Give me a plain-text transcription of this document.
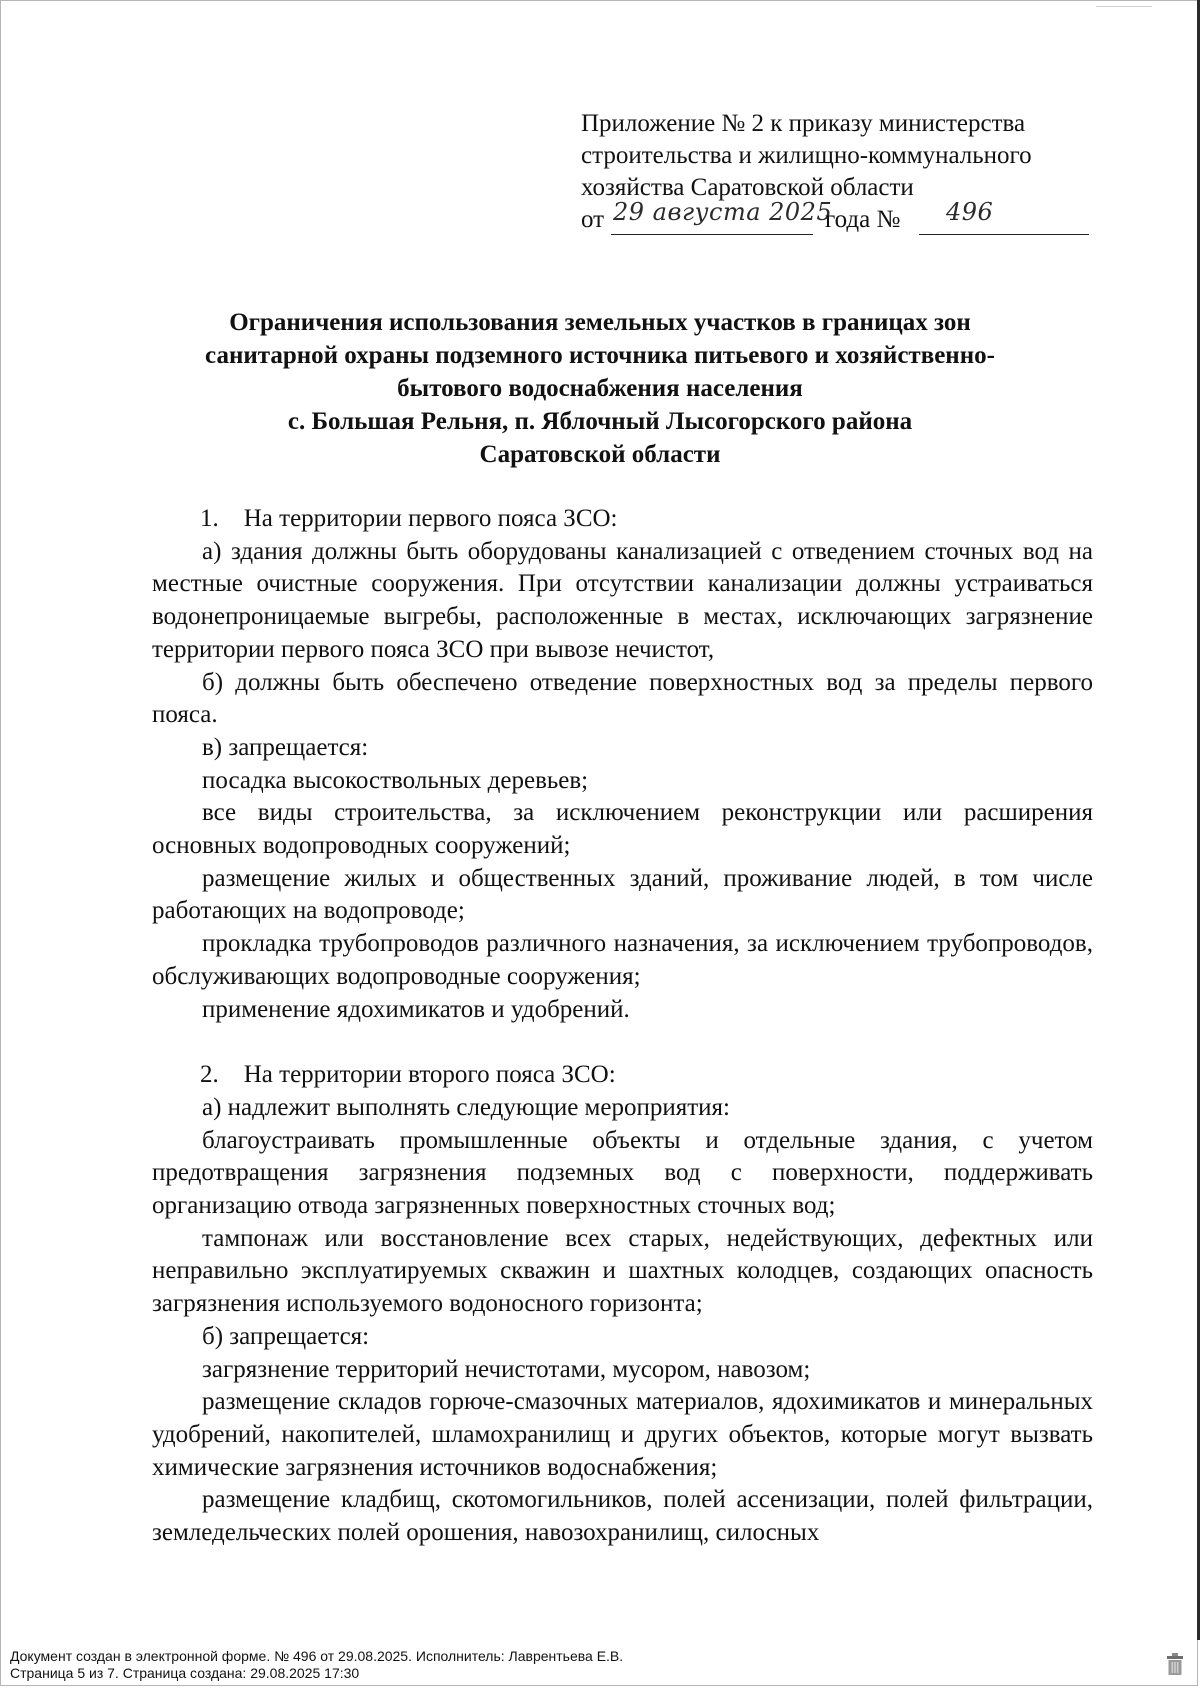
Приложение № 2 к приказу министерства
строительства и жилищно-коммунального
хозяйства Саратовской области
от 29 августа 2025
года № 496
Ограничения использования земельных участков в границах зон
санитарной охраны подземного источника питьевого и хозяйственно-
бытового водоснабжения населения
с. Большая Рельня, п. Яблочный Лысогорского района
Саратовской области

1. На территории первого пояса ЗСО:

а) здания должны быть оборудованы канализацией с отведением сточных вод на местные очистные сооружения. При отсутствии канализации должны устраиваться водонепроницаемые выгребы, расположенные в местах, исключающих загрязнение территории первого пояса ЗСО при вывозе нечистот,

б) должны быть обеспечено отведение поверхностных вод за пределы первого пояса.

в) запрещается:

посадка высокоствольных деревьев;

все виды строительства, за исключением реконструкции или расширения основных водопроводных сооружений;

размещение жилых и общественных зданий, проживание людей, в том числе работающих на водопроводе;

прокладка трубопроводов различного назначения, за исключением трубопроводов, обслуживающих водопроводные сооружения;

применение ядохимикатов и удобрений.

2. На территории второго пояса ЗСО:

а) надлежит выполнять следующие мероприятия:

благоустраивать промышленные объекты и отдельные здания, с учетом предотвращения загрязнения подземных вод с поверхности, поддерживать организацию отвода загрязненных поверхностных сточных вод;

тампонаж или восстановление всех старых, недействующих, дефектных или неправильно эксплуатируемых скважин и шахтных колодцев, создающих опасность загрязнения используемого водоносного горизонта;

б) запрещается:

загрязнение территорий нечистотами, мусором, навозом;

размещение складов горюче-смазочных материалов, ядохимикатов и минеральных удобрений, накопителей, шламохранилищ и других объектов, которые могут вызвать химические загрязнения источников водоснабжения;

размещение кладбищ, скотомогильников, полей ассенизации, полей фильтрации, земледельческих полей орошения, навозохранилищ, силосных

Документ создан в электронной форме. № 496 от 29.08.2025. Исполнитель: Лаврентьева Е.В.
Страница 5 из 7. Страница создана: 29.08.2025 17:30
